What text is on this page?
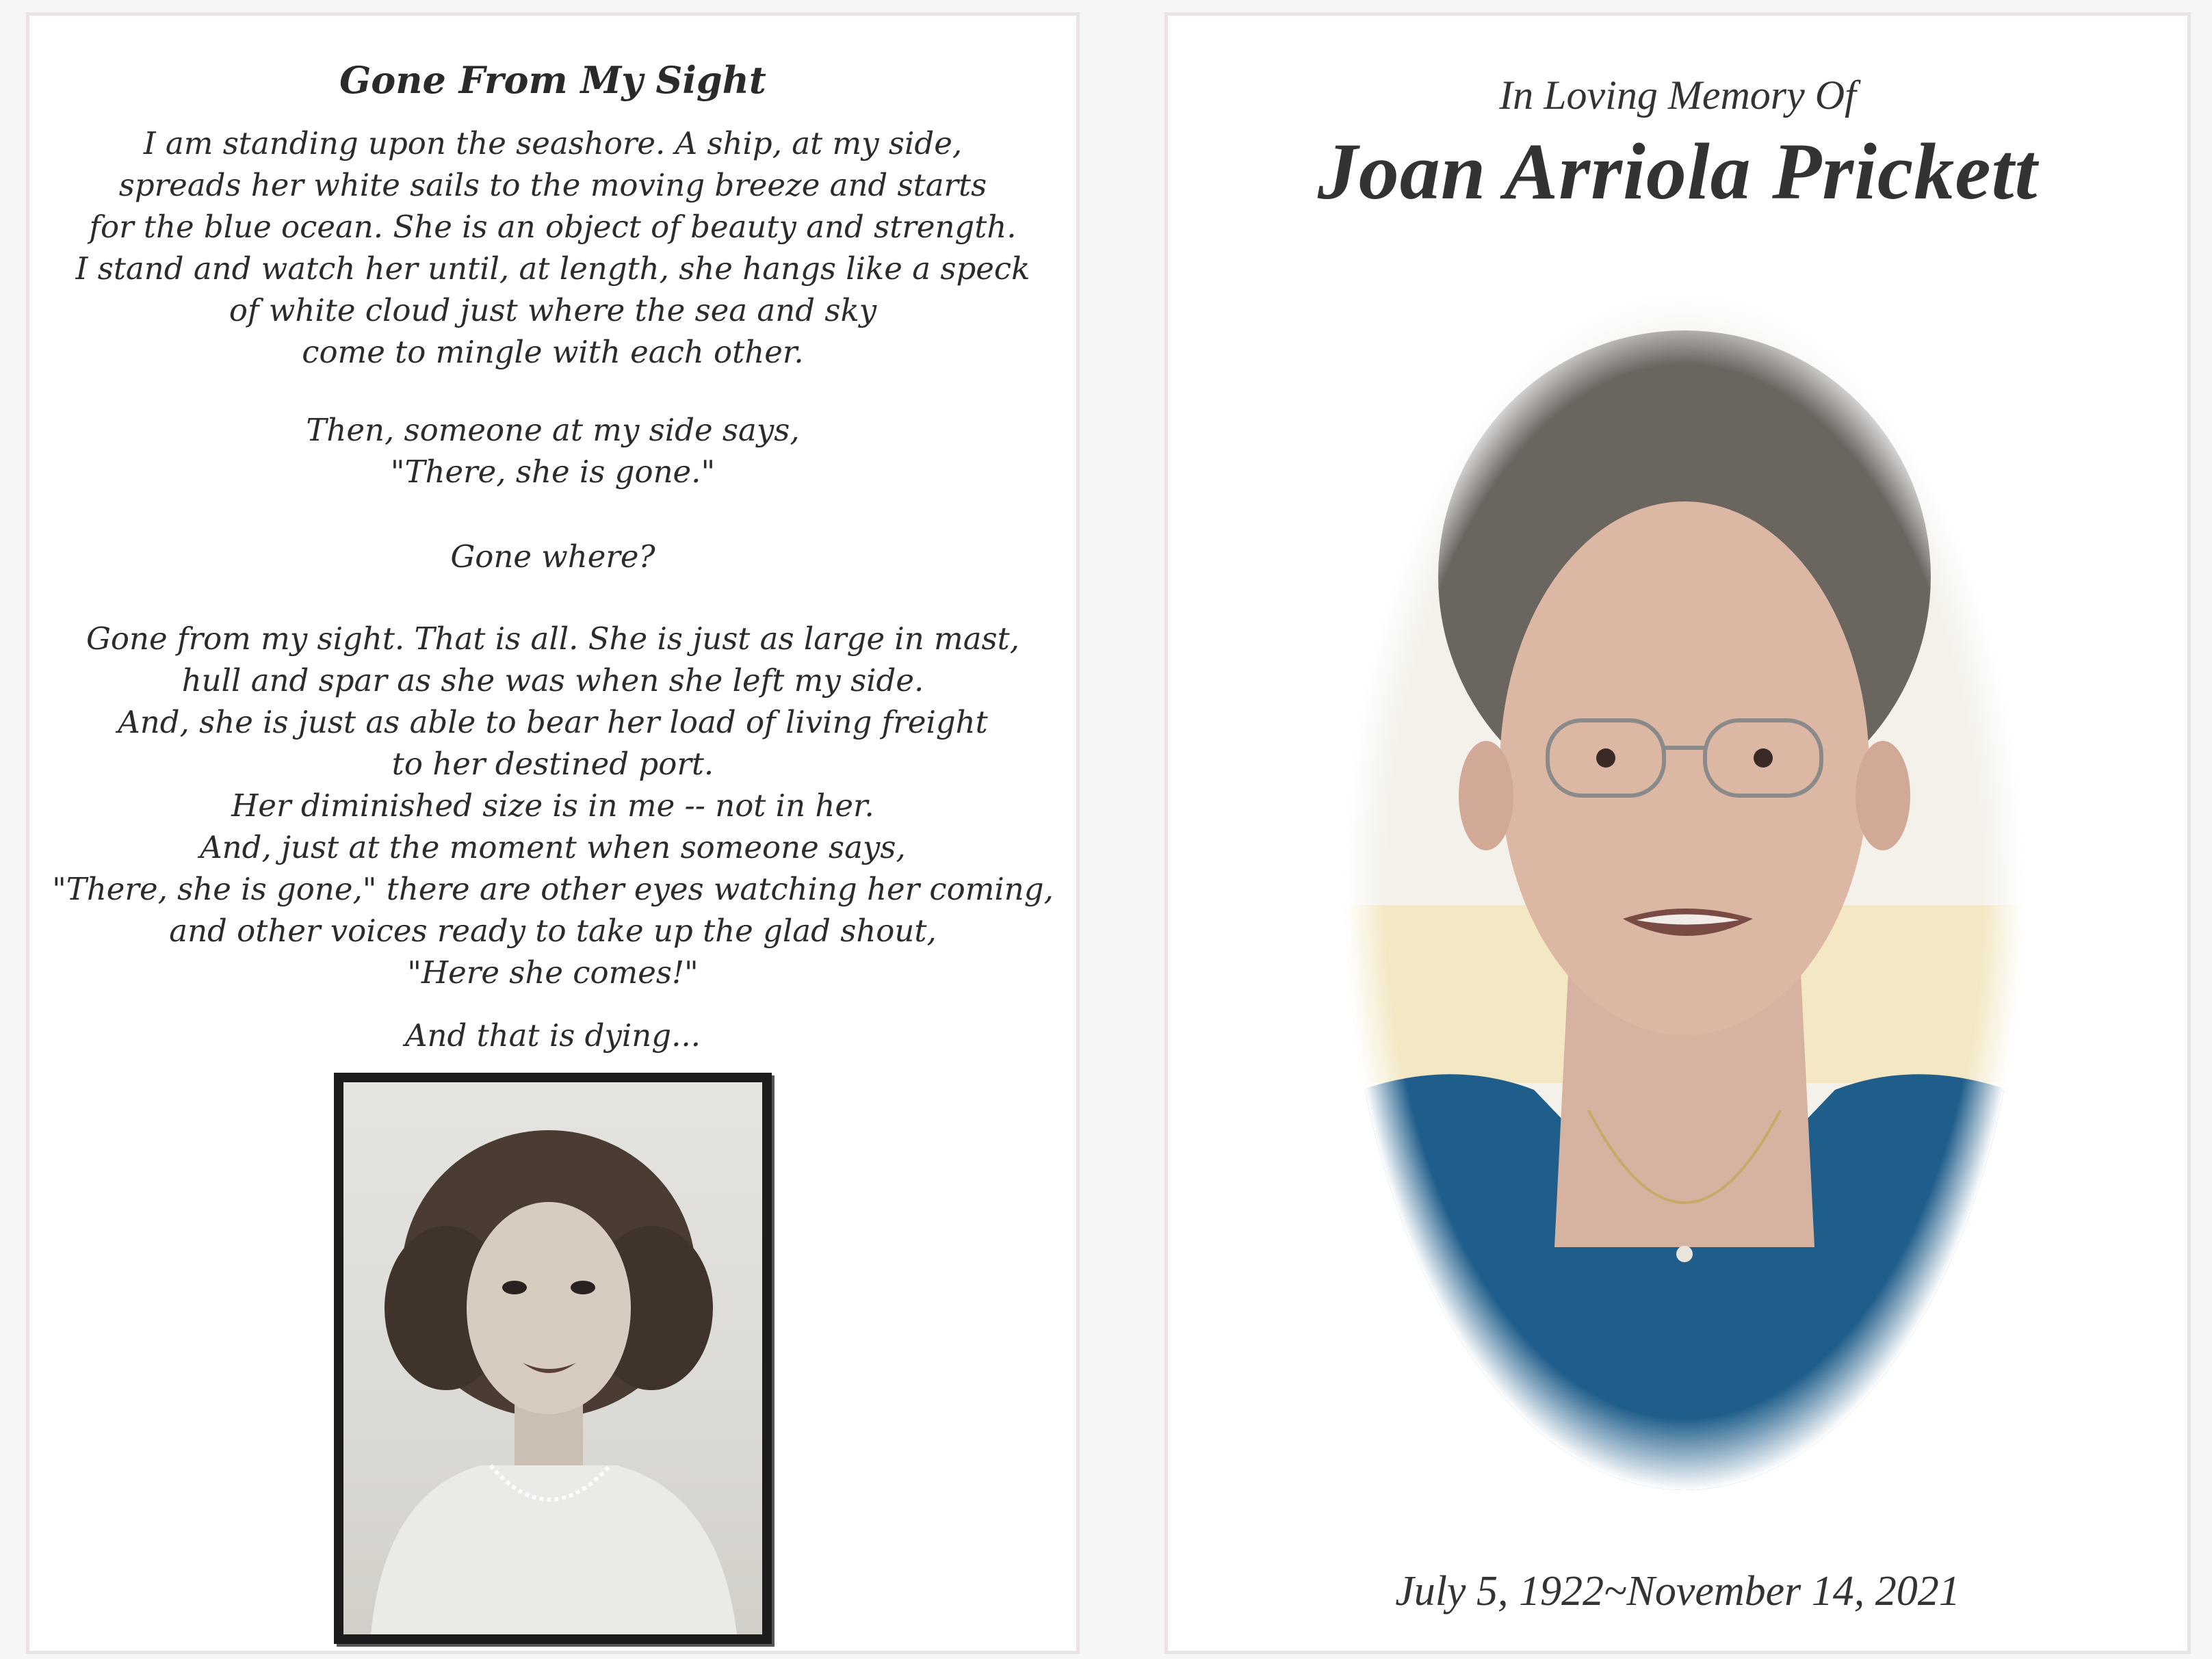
Gone From My Sight
I am standing upon the seashore. A ship, at my side,
spreads her white sails to the moving breeze and starts
for the blue ocean. She is an object of beauty and strength.
I stand and watch her until, at length, she hangs like a speck
of white cloud just where the sea and sky
come to mingle with each other.
Then, someone at my side says,
"There, she is gone."
Gone where?
Gone from my sight. That is all. She is just as large in mast,
hull and spar as she was when she left my side.
And, she is just as able to bear her load of living freight
to her destined port.
Her diminished size is in me -- not in her.
And, just at the moment when someone says,
"There, she is gone," there are other eyes watching her coming,
and other voices ready to take up the glad shout,
"Here she comes!"
And that is dying...
In Loving Memory Of
Joan Arriola Prickett
July 5, 1922~November 14, 2021
